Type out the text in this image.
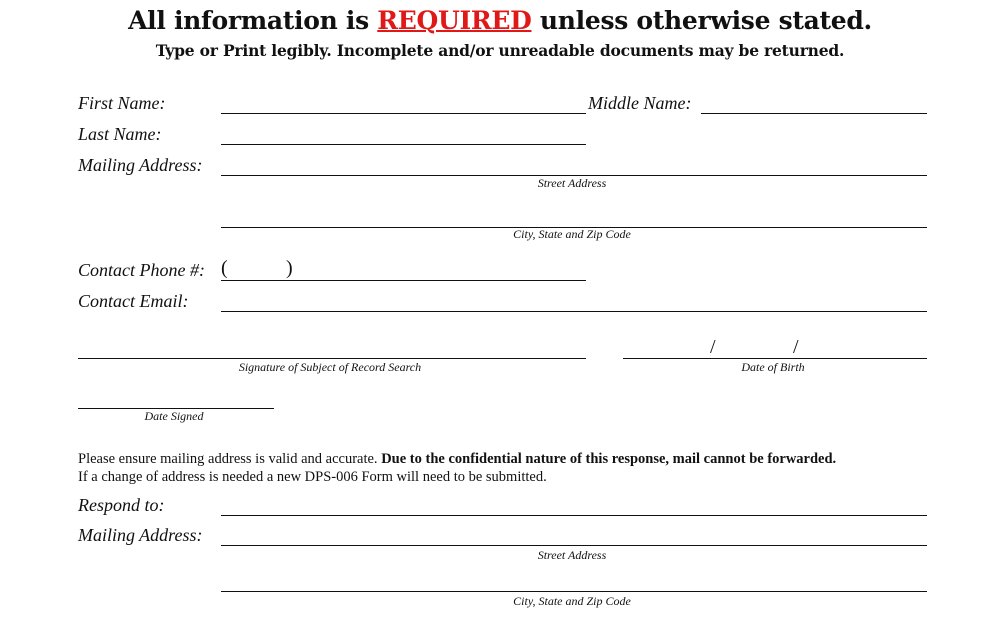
All information is REQUIRED unless otherwise stated.
Type or Print legibly. Incomplete and/or unreadable documents may be returned.
First Name:	Middle Name:
Last Name:
Mailing Address:
Street Address
City, State and Zip Code
Contact Phone #: (	)
Contact Email:
Signature of Subject of Record Search
/	/
Date of Birth
Date Signed
Please ensure mailing address is valid and accurate. Due to the confidential nature of this response, mail cannot be forwarded.
If a change of address is needed a new DPS-006 Form will need to be submitted.
Respond to:
Mailing Address:
Street Address
City, State and Zip Code
